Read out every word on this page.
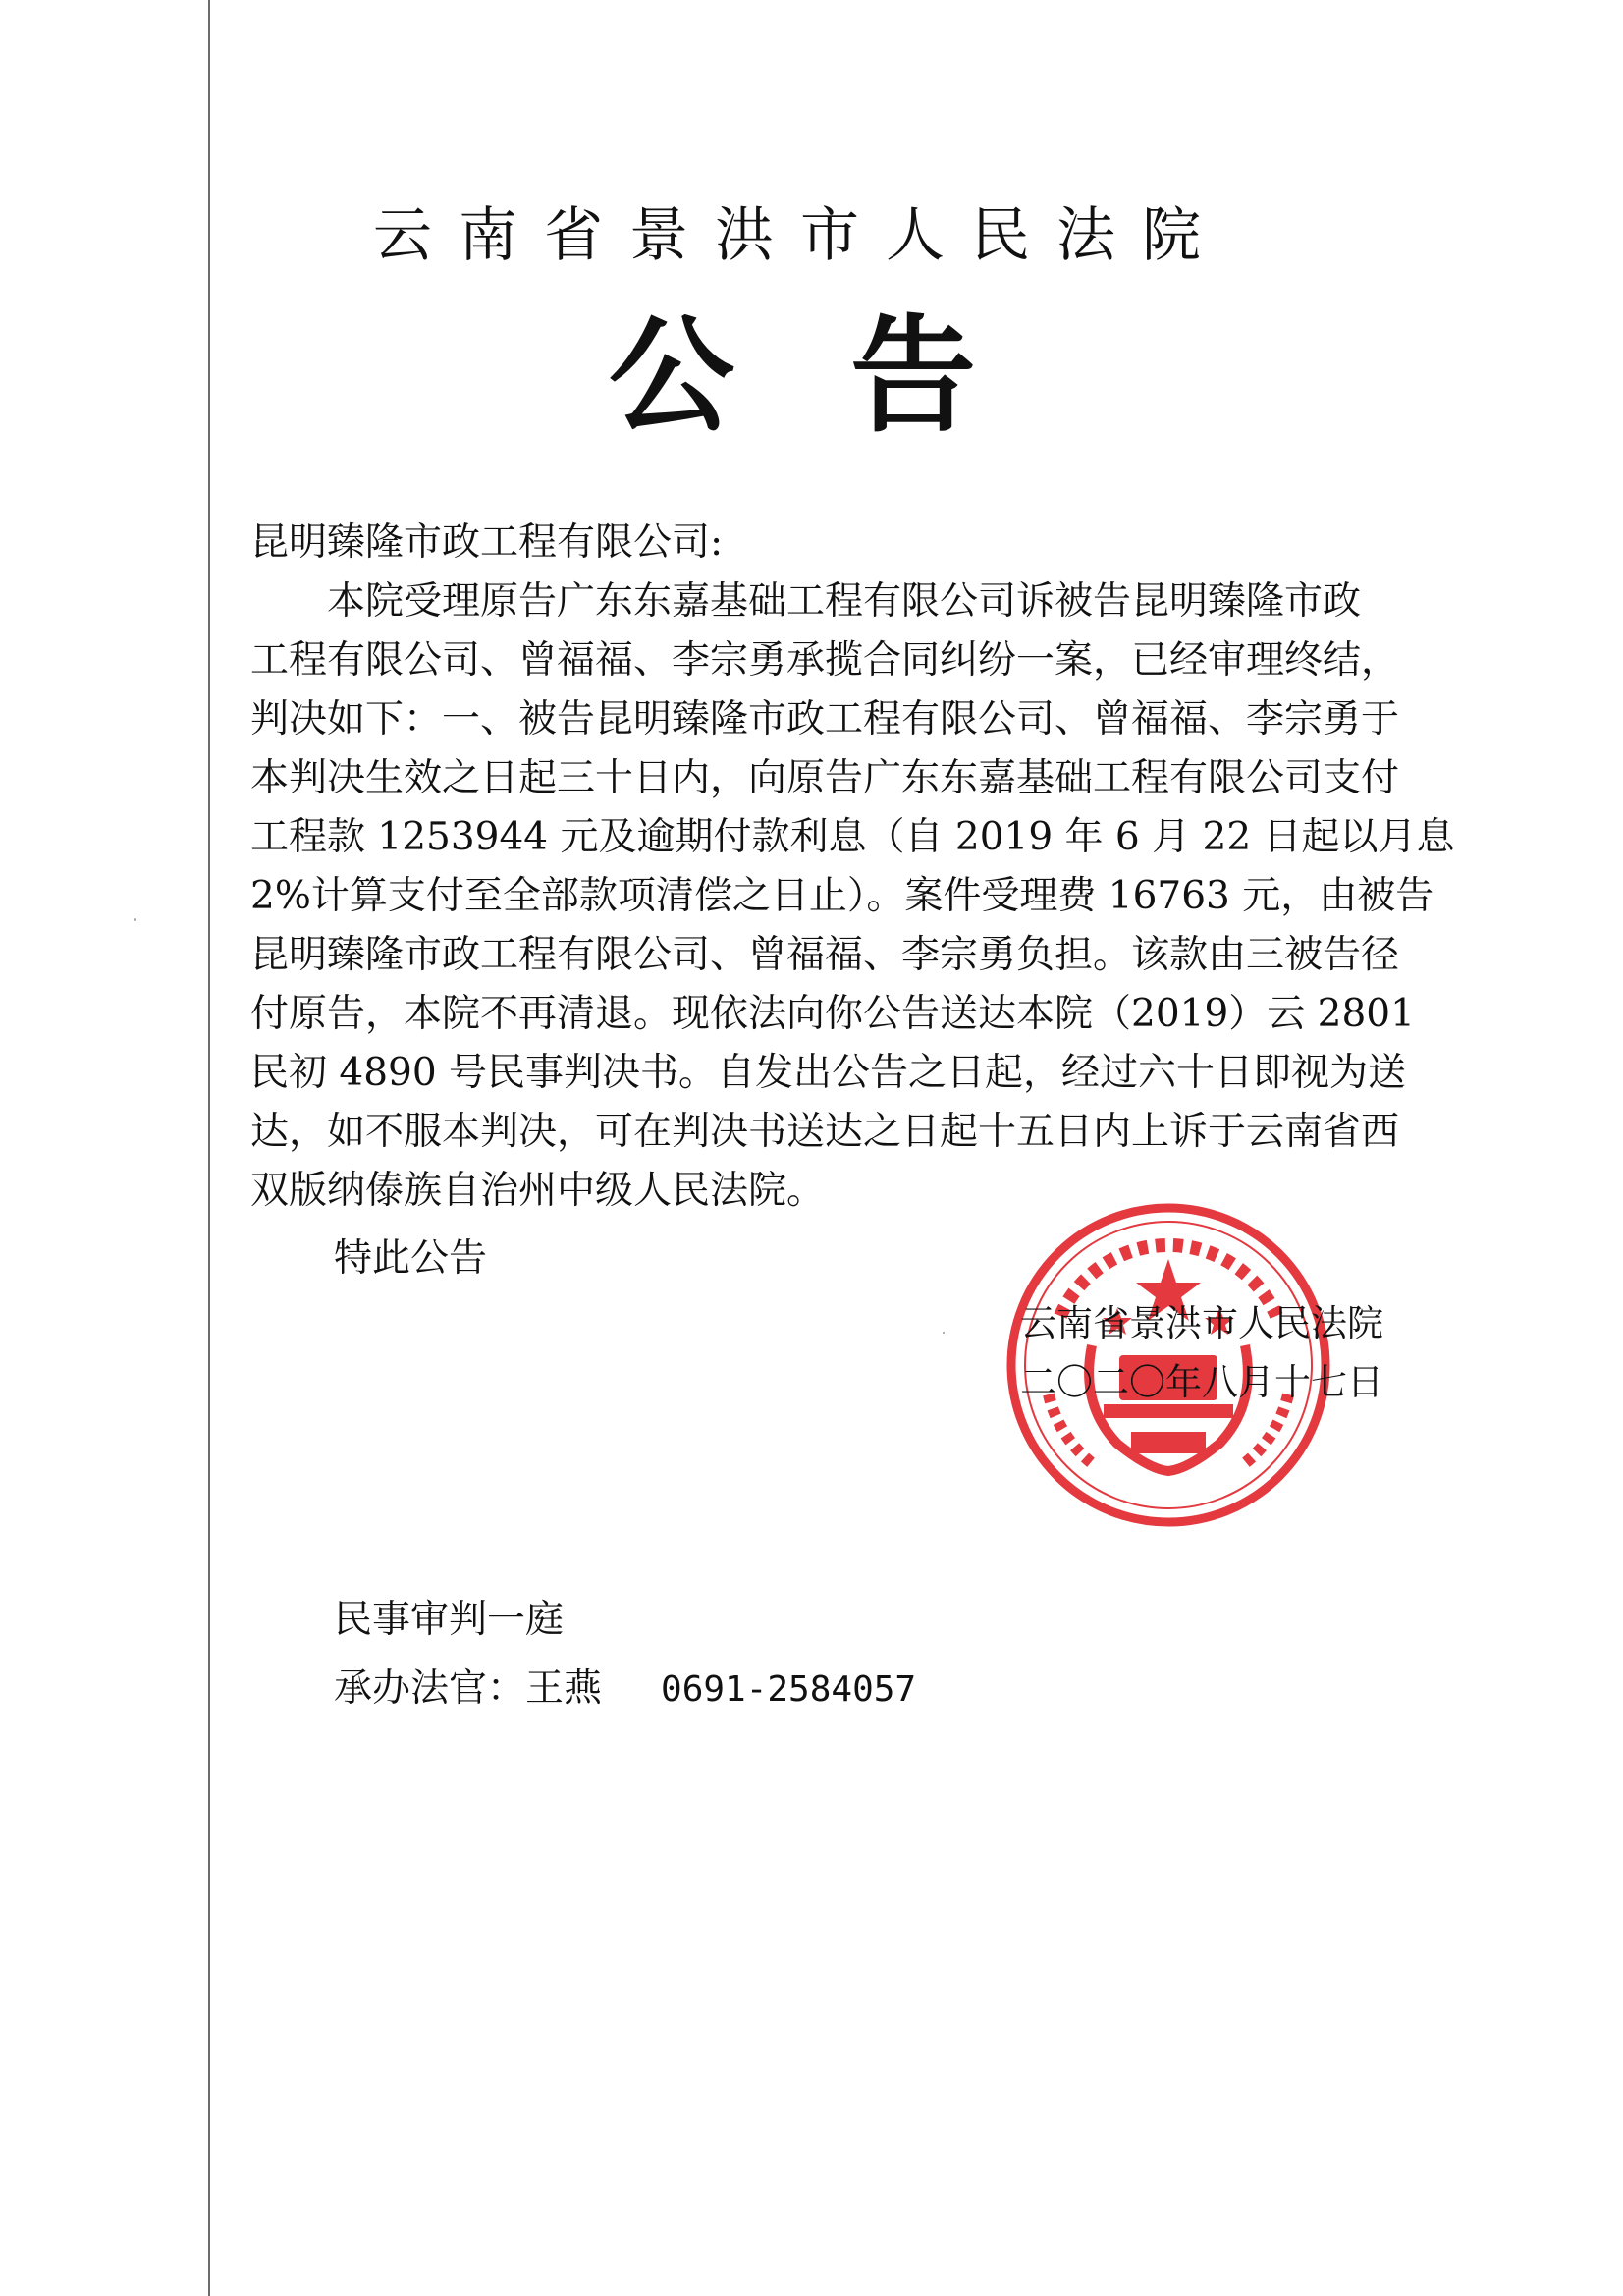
云南省景洪市人民法院
公告
昆明臻隆市政工程有限公司:
　　本院受理原告广东东嘉基础工程有限公司诉被告昆明臻隆市政
工程有限公司、曾福福、李宗勇承揽合同纠纷一案，已经审理终结，
判决如下：一、被告昆明臻隆市政工程有限公司、曾福福、李宗勇于
本判决生效之日起三十日内，向原告广东东嘉基础工程有限公司支付
工程款 1253944 元及逾期付款利息（自 2019 年 6 月 22 日起以月息
2%计算支付至全部款项清偿之日止）。案件受理费 16763 元，由被告
昆明臻隆市政工程有限公司、曾福福、李宗勇负担。该款由三被告径
付原告，本院不再清退。现依法向你公告送达本院（2019）云 2801
民初 4890 号民事判决书。自发出公告之日起，经过六十日即视为送
达，如不服本判决，可在判决书送达之日起十五日内上诉于云南省西
双版纳傣族自治州中级人民法院。
特此公告
云南省景洪市人民法院
二〇二〇年八月十七日
民事审判一庭
承办法官：王燕 0691-2584057
